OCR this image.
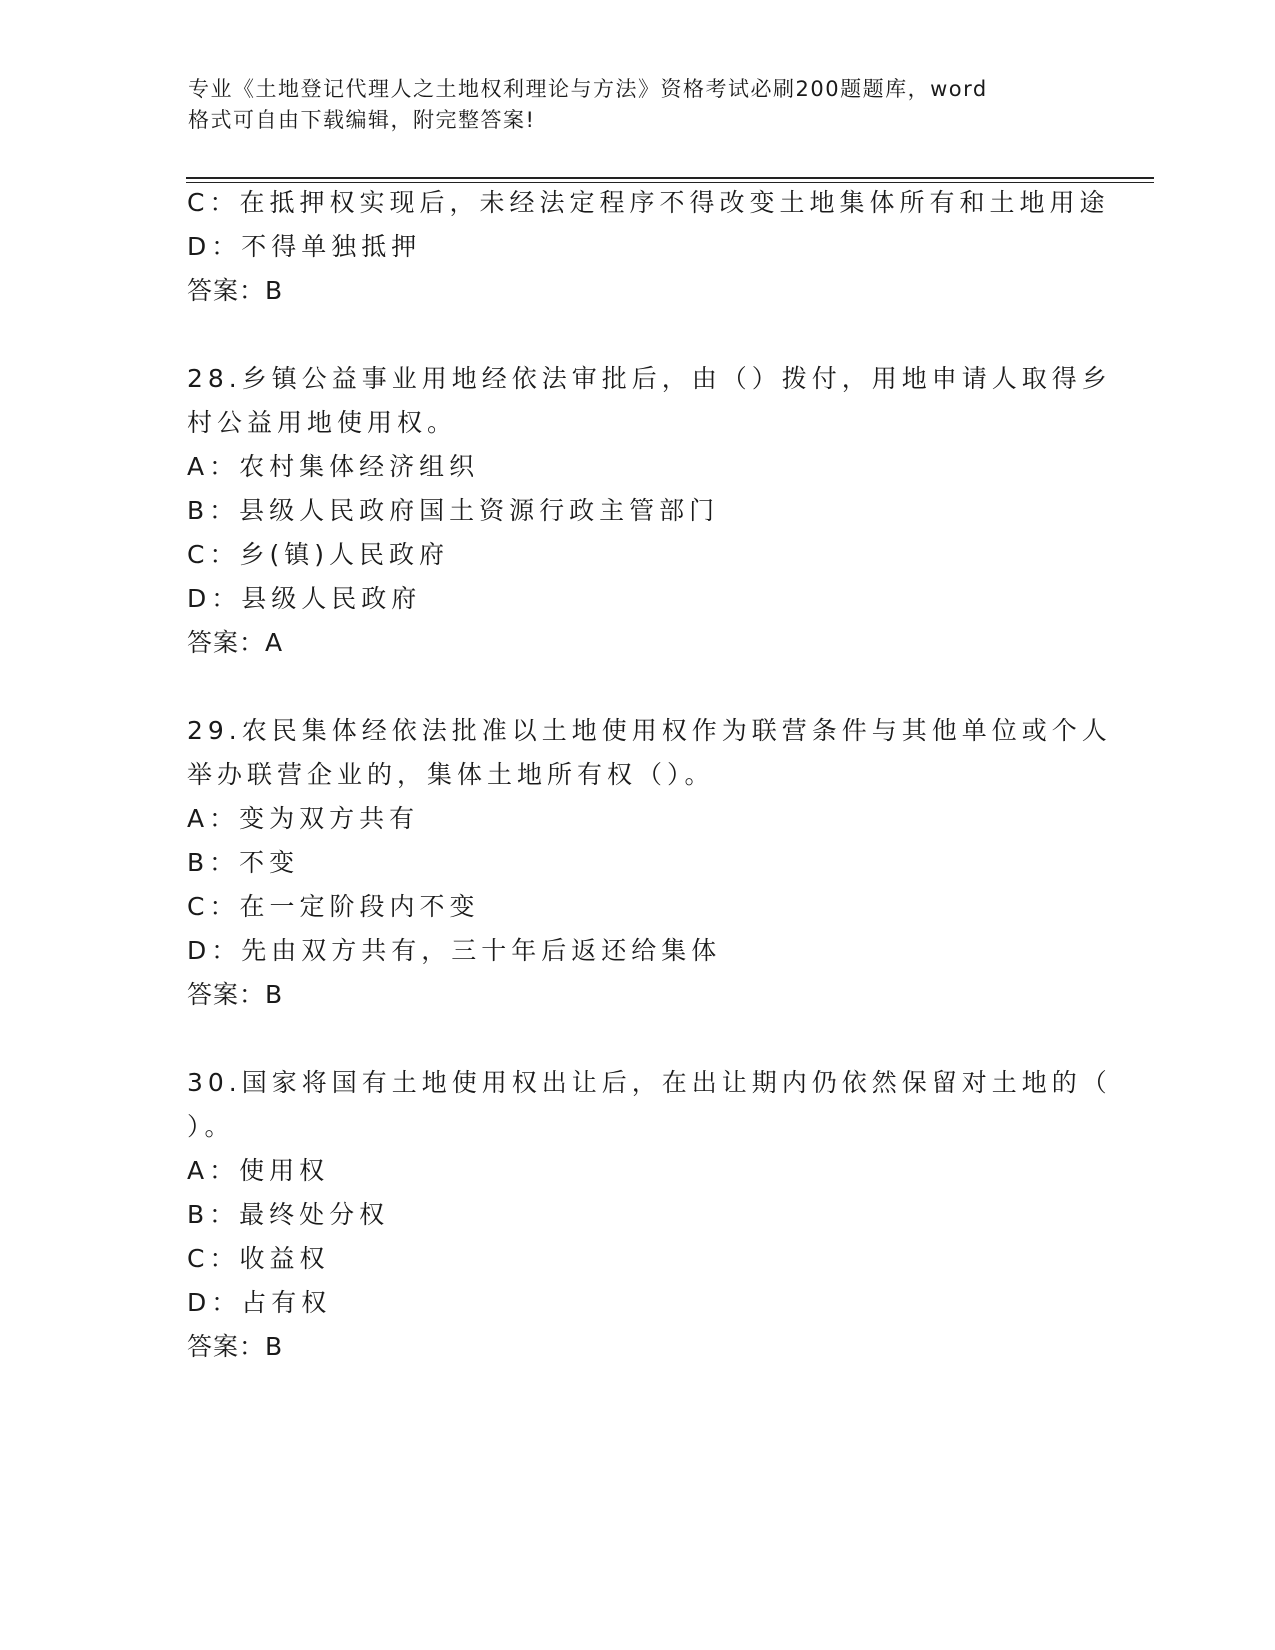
专业《土地登记代理人之土地权利理论与方法》资格考试必刷200题题库，word
格式可自由下载编辑，附完整答案!
C：在抵押权实现后，未经法定程序不得改变土地集体所有和土地用途
D：不得单独抵押
答案：B
28.乡镇公益事业用地经依法审批后，由（）拨付，用地申请人取得乡
村公益用地使用权。
A：农村集体经济组织
B：县级人民政府国土资源行政主管部门
C：乡(镇)人民政府
D：县级人民政府
答案：A
29.农民集体经依法批准以土地使用权作为联营条件与其他单位或个人
举办联营企业的，集体土地所有权（）。
A：变为双方共有
B：不变
C：在一定阶段内不变
D：先由双方共有，三十年后返还给集体
答案：B
30.国家将国有土地使用权出让后，在出让期内仍依然保留对土地的（
）。
A：使用权
B：最终处分权
C：收益权
D：占有权
答案：B
